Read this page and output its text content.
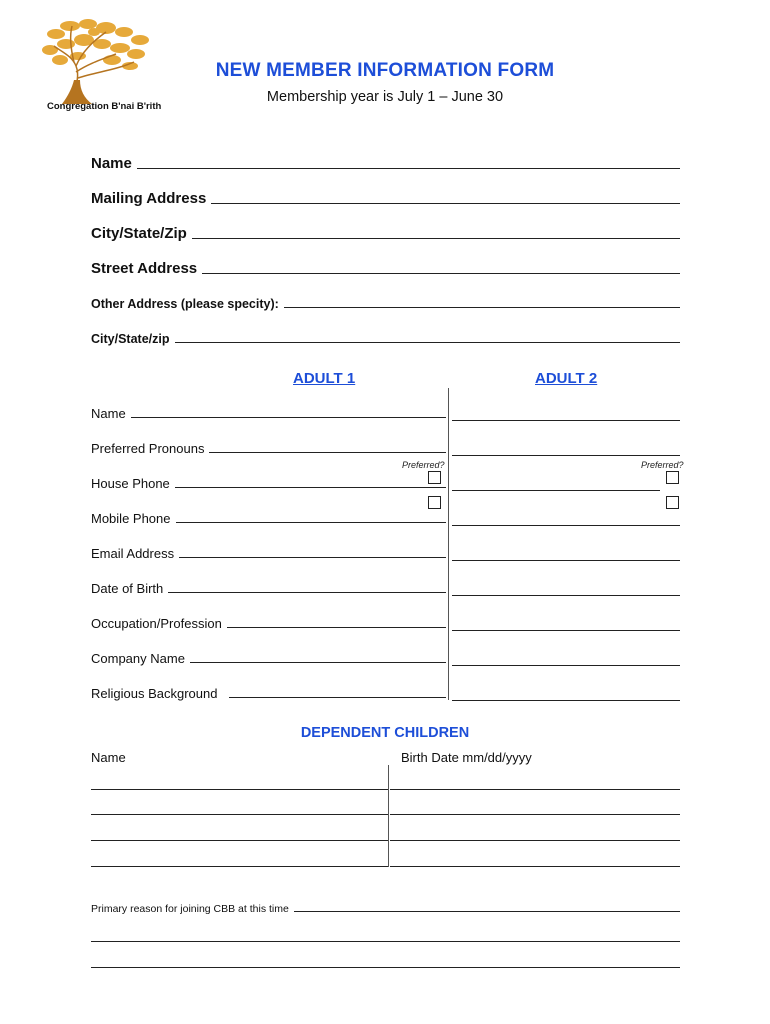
Congregation B'nai B'rith
NEW MEMBER INFORMATION FORM
Membership year is July 1 – June 30
Name
Mailing Address
City/State/Zip
Street Address
Other Address (please specity):
City/State/zip
ADULT 1	ADULT 2
Name
Preferred Pronouns
Preferred?	Preferred?
House Phone
Mobile Phone
Email Address
Date of Birth
Occupation/Profession
Company Name
Religious Background
DEPENDENT CHILDREN
Name	Birth Date mm/dd/yyyy
Primary reason for joining CBB at this time
